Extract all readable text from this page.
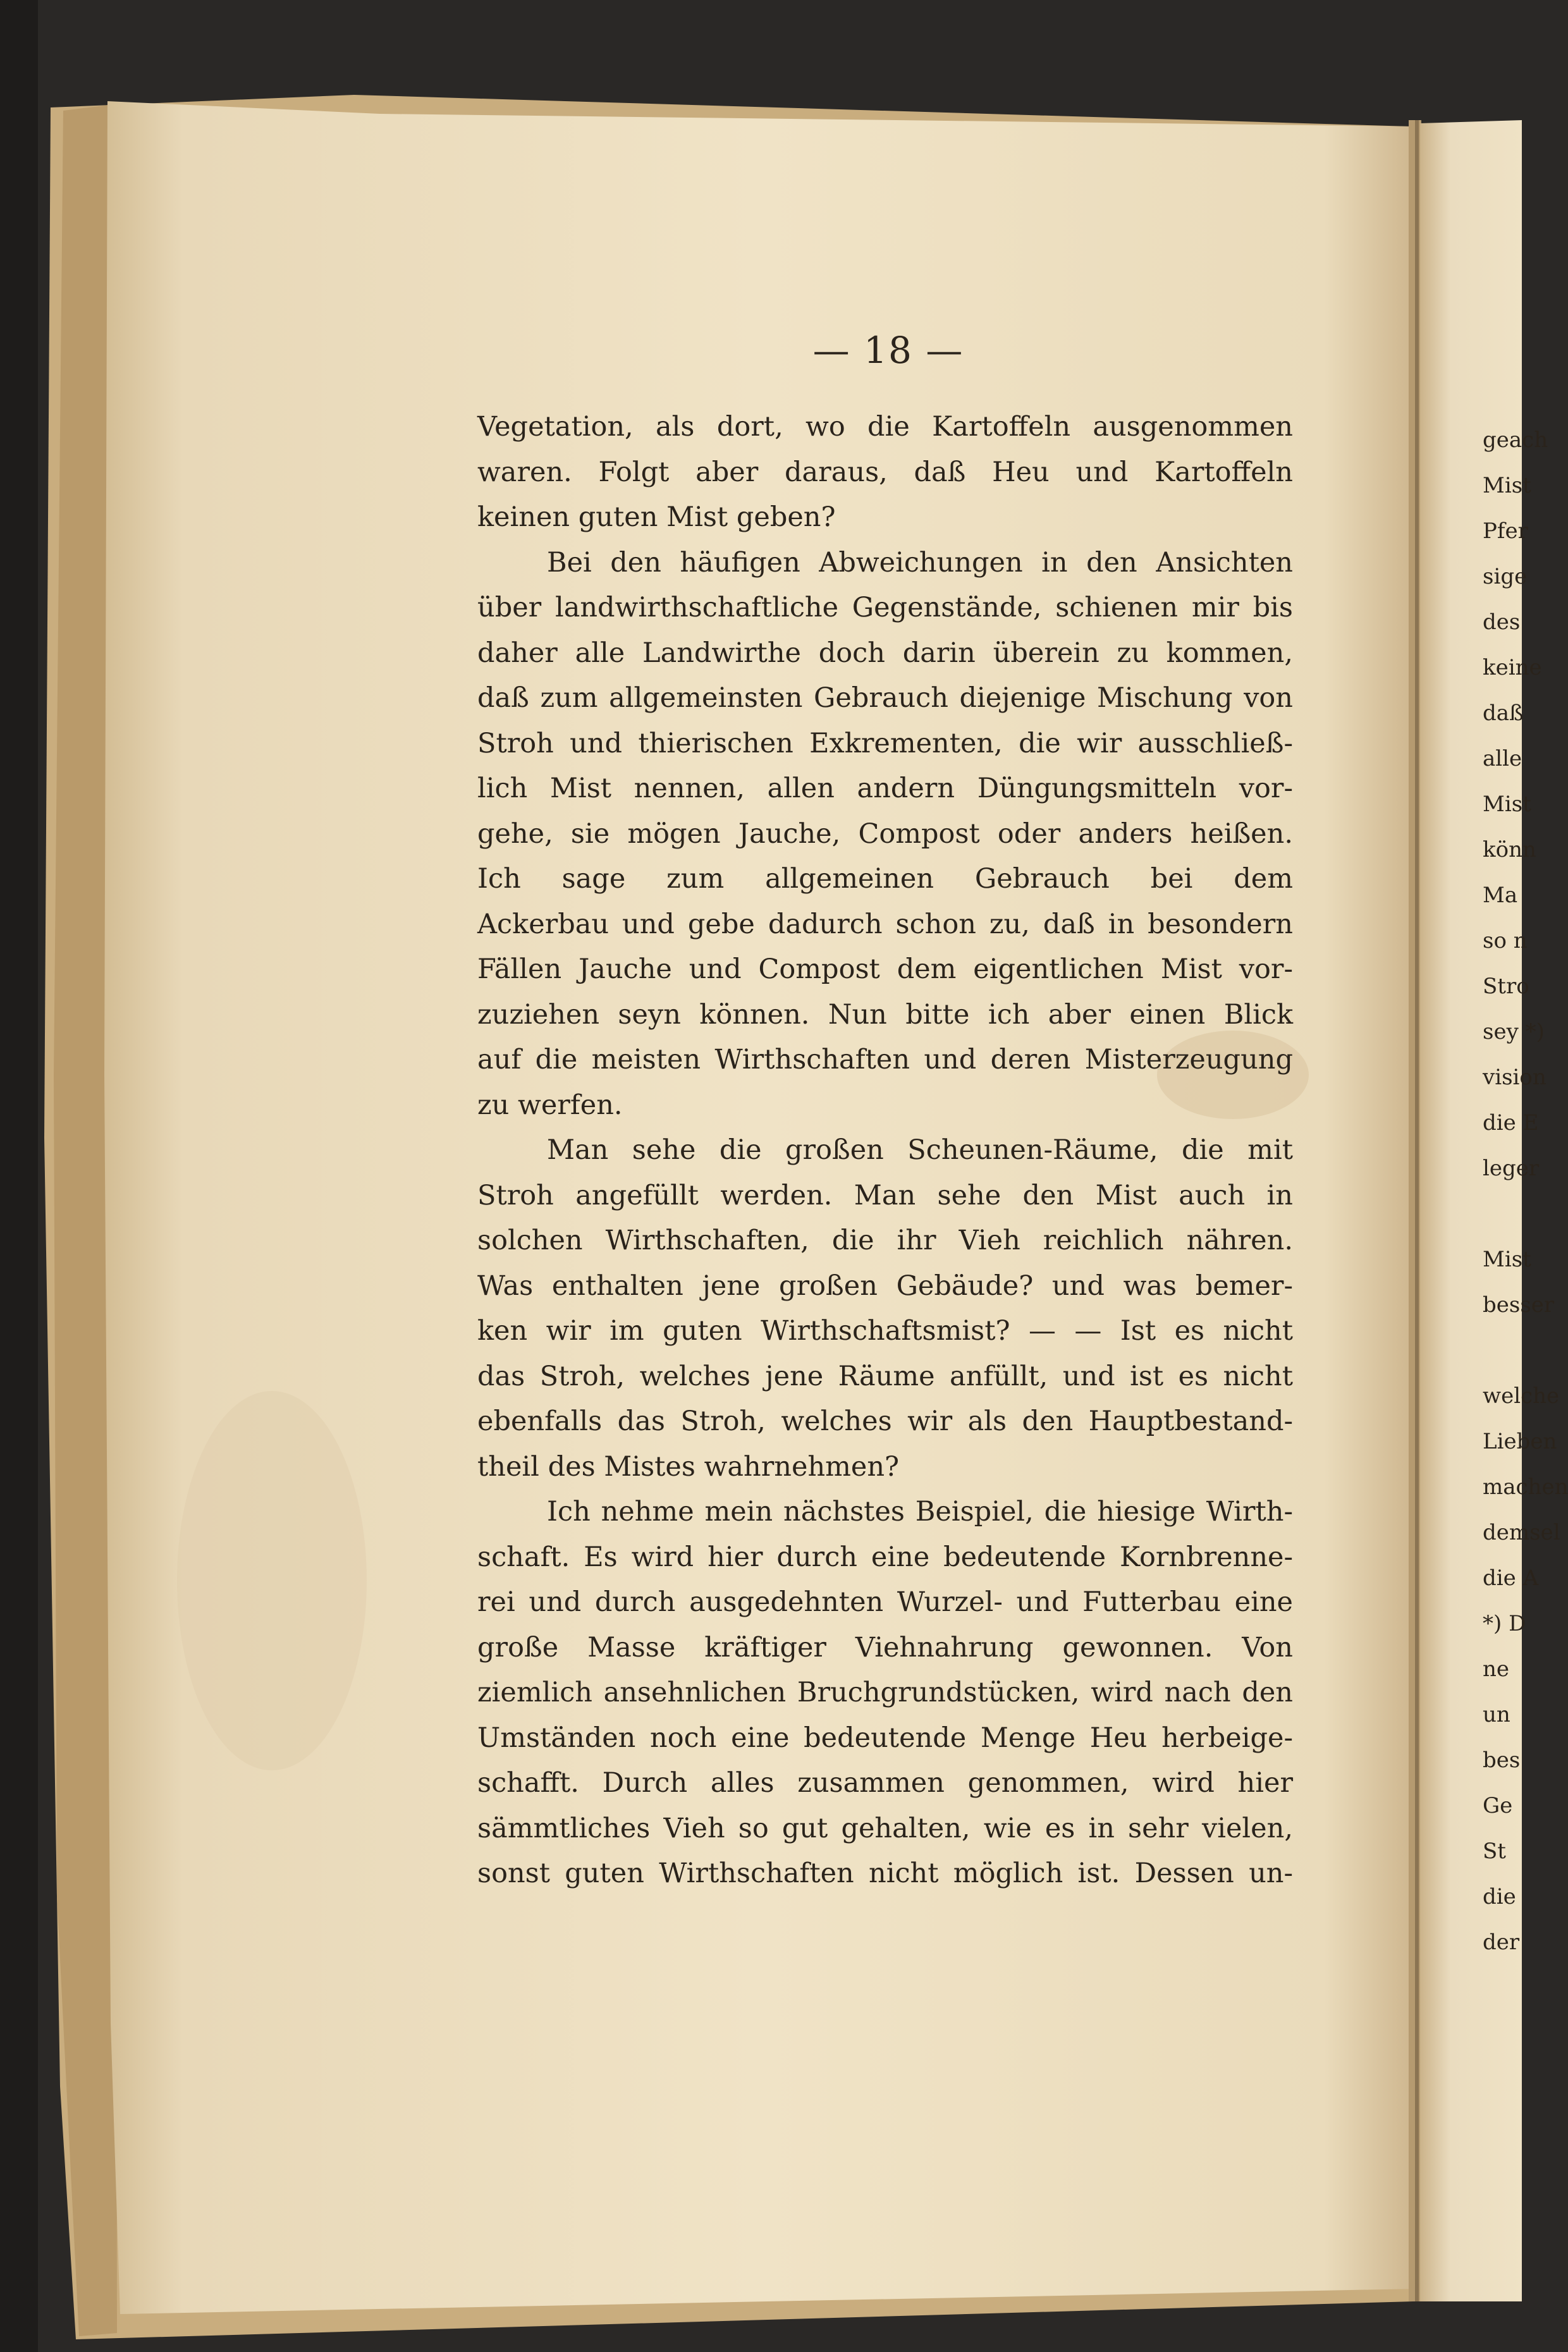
— 18 —
Vegetation, als dort, wo die Kartoffeln ausgenommen
waren. Folgt aber daraus, daß Heu und Kartoffeln
keinen guten Mist geben?
Bei den häufigen Abweichungen in den Ansichten
über landwirthschaftliche Gegenstände, schienen mir bis
daher alle Landwirthe doch darin überein zu kommen,
daß zum allgemeinsten Gebrauch diejenige Mischung von
Stroh und thierischen Exkrementen, die wir ausschließ-
lich Mist nennen, allen andern Düngungsmitteln vor-
gehe, sie mögen Jauche, Compost oder anders heißen.
Ich sage zum allgemeinen Gebrauch bei dem
Ackerbau und gebe dadurch schon zu, daß in besondern
Fällen Jauche und Compost dem eigentlichen Mist vor-
zuziehen seyn können. Nun bitte ich aber einen Blick
auf die meisten Wirthschaften und deren Misterzeugung
zu werfen.
Man sehe die großen Scheunen-Räume, die mit
Stroh angefüllt werden. Man sehe den Mist auch in
solchen Wirthschaften, die ihr Vieh reichlich nähren.
Was enthalten jene großen Gebäude? und was bemer-
ken wir im guten Wirthschaftsmist? — — Ist es nicht
das Stroh, welches jene Räume anfüllt, und ist es nicht
ebenfalls das Stroh, welches wir als den Hauptbestand-
theil des Mistes wahrnehmen?
Ich nehme mein nächstes Beispiel, die hiesige Wirth-
schaft. Es wird hier durch eine bedeutende Kornbrenne-
rei und durch ausgedehnten Wurzel- und Futterbau eine
große Masse kräftiger Viehnahrung gewonnen. Von
ziemlich ansehnlichen Bruchgrundstücken, wird nach den
Umständen noch eine bedeutende Menge Heu herbeige-
schafft. Durch alles zusammen genommen, wird hier
sämmtliches Vieh so gut gehalten, wie es in sehr vielen,
sonst guten Wirthschaften nicht möglich ist. Dessen un-
geach
Mist
Pfer
sige
des
keine
daß
alle
Mist
könn
Ma
so n
Stro
sey *)
vision
die E
leger
Mist
besser
welche
Lieben
machen
demsel
die A
*) D
ne
un
bes
Ge
St
die
der
